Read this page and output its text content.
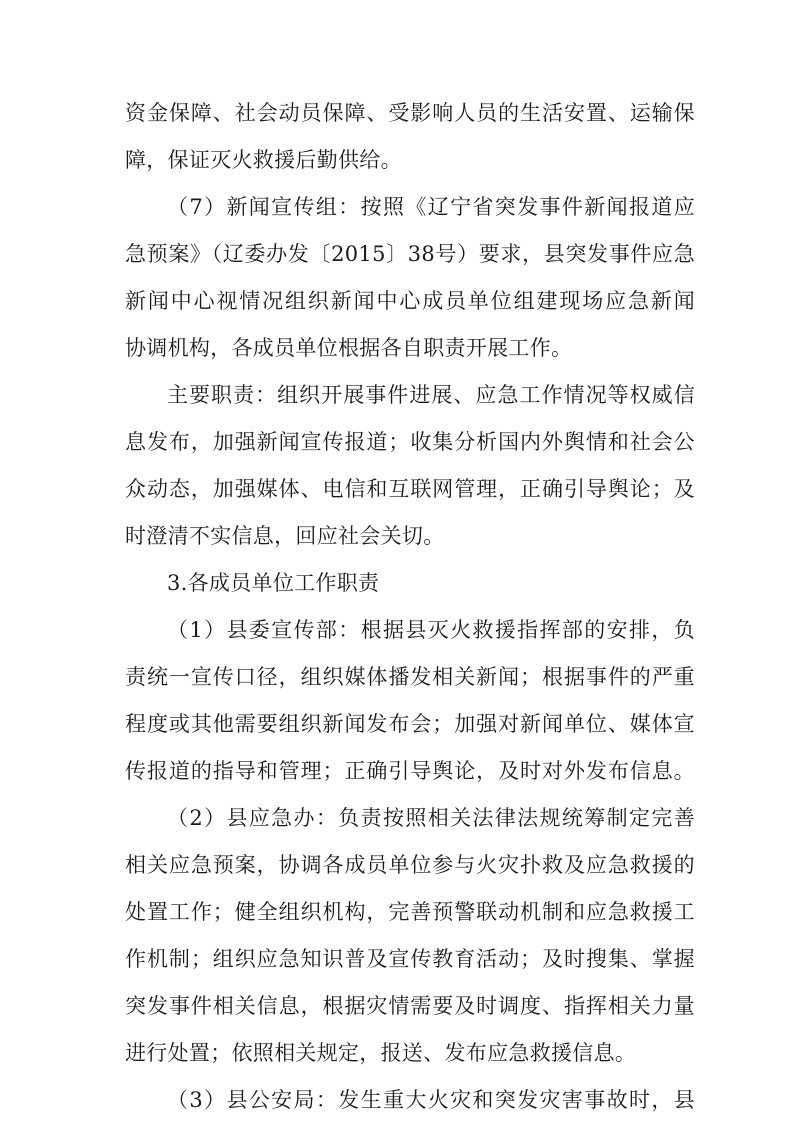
资金保障、社会动员保障、受影响人员的生活安置、运输保
障，保证灭火救援后勤供给。
（7）新闻宣传组：按照《辽宁省突发事件新闻报道应
急预案》（辽委办发〔2015〕38号）要求，县突发事件应急
新闻中心视情况组织新闻中心成员单位组建现场应急新闻
协调机构，各成员单位根据各自职责开展工作。
主要职责：组织开展事件进展、应急工作情况等权威信
息发布，加强新闻宣传报道；收集分析国内外舆情和社会公
众动态，加强媒体、电信和互联网管理，正确引导舆论；及
时澄清不实信息，回应社会关切。
3.各成员单位工作职责
（1）县委宣传部：根据县灭火救援指挥部的安排，负
责统一宣传口径，组织媒体播发相关新闻；根据事件的严重
程度或其他需要组织新闻发布会；加强对新闻单位、媒体宣
传报道的指导和管理；正确引导舆论，及时对外发布信息。
（2）县应急办：负责按照相关法律法规统筹制定完善
相关应急预案，协调各成员单位参与火灾扑救及应急救援的
处置工作；健全组织机构，完善预警联动机制和应急救援工
作机制；组织应急知识普及宣传教育活动；及时搜集、掌握
突发事件相关信息，根据灾情需要及时调度、指挥相关力量
进行处置；依照相关规定，报送、发布应急救援信息。
（3）县公安局：发生重大火灾和突发灾害事故时，县
